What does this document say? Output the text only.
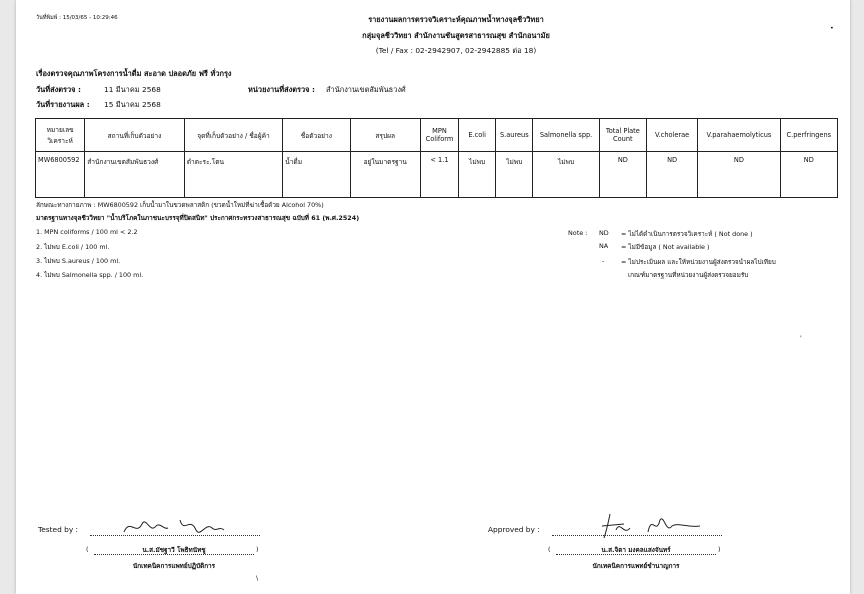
วันที่พิมพ์ : 15/03/65 - 10:29:46	รายงานผลการตรวจวิเคราะห์คุณภาพน้ำทางจุลชีววิทยา
กลุ่มจุลชีววิทยา สำนักงานชันสูตรสาธารณสุข สำนักอนามัย
(Tel / Fax : 02-2942907, 02-2942885 ต่อ 18)
•
เรื่องตรวจคุณภาพโครงการน้ำดื่ม สะอาด ปลอดภัย ฟรี ทั่วกรุง
วันที่ส่งตรวจ :	11 มีนาคม 2568	หน่วยงานที่ส่งตรวจ : สำนักงานเขตสัมพันธวงศ์
วันที่รายงานผล : 15 มีนาคม 2568
หมายเลข วิเคราะห์	สถานที่เก็บตัวอย่าง	จุดที่เก็บตัวอย่าง / ชื่อผู้ค้า	ชื่อตัวอย่าง	สรุปผล	MPN Coliform	E.coli	S.aureus	Salmonella spp.	Total Plate Count	V.cholerae	V.parahaemolyticus	C.perfringens
MW6800592	สำนักงานเขตสัมพันธวงศ์	ตำตะระ.โตน	น้ำดื่ม	อยู่ในมาตรฐาน	< 1.1	ไม่พบ	ไม่พบ	ไม่พบ	ND	ND	ND	ND
ลักษณะทางกายภาพ : MW6800592 เก็บน้ำมาในขวดพลาสติก (ขวดน้ำใหม่ที่ฆ่าเชื้อด้วย Alcohol 70%)
มาตรฐานทางจุลชีววิทยา "น้ำบริโภคในภาชนะบรรจุที่ปิดสนิท" ประกาศกระทรวงสาธารณสุข ฉบับที่ 61 (พ.ศ.2524)
1. MPN coliforms / 100 ml < 2.2
2. ไม่พบ E.coli / 100 ml.
3. ไม่พบ S.aureus / 100 ml.
4. ไม่พบ Salmonella spp. / 100 ml.
Note : ND = ไม่ได้ดำเนินการตรวจวิเคราะห์ ( Not done )
NA = ไม่มีข้อมูล ( Not available )
-	= ไม่ประเมินผล และให้หน่วยงานผู้ส่งตรวจนำผลไปเทียบ
เกณฑ์มาตรฐานที่หน่วยงานผู้ส่งตรวจยอมรับ
'
Tested by :
(	น.ส.มัชฐาวี โพธิทนัทชู	)
นักเทคนิคการแพทย์ปฏิบัติการ
\
Approved by :
(	น.ส.จิตา มงคลแสงจันทร์	)
นักเทคนิคการแพทย์ชำนาญการ
